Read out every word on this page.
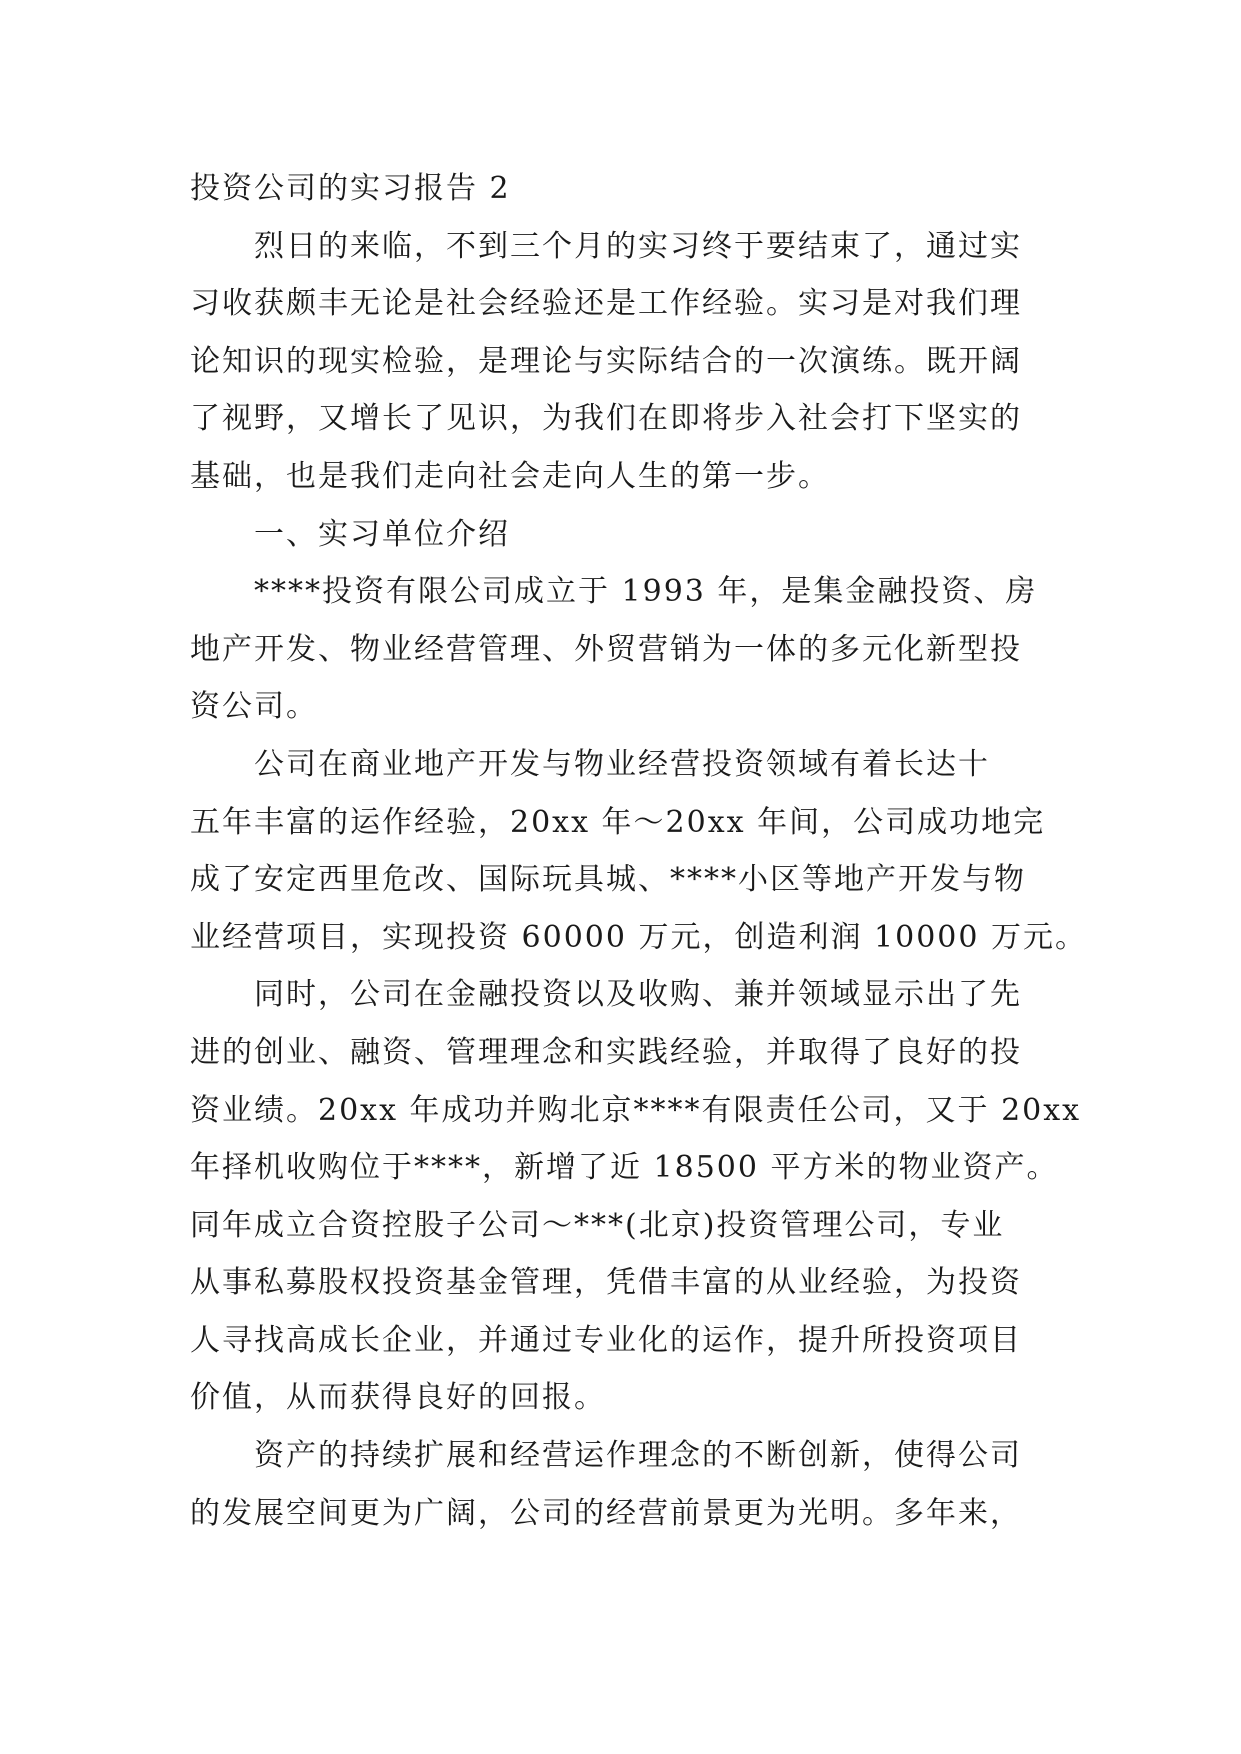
投资公司的实习报告 2
烈日的来临，不到三个月的实习终于要结束了，通过实
习收获颇丰无论是社会经验还是工作经验。实习是对我们理
论知识的现实检验，是理论与实际结合的一次演练。既开阔
了视野，又增长了见识，为我们在即将步入社会打下坚实的
基础，也是我们走向社会走向人生的第一步。
一、实习单位介绍
****投资有限公司成立于 1993 年，是集金融投资、房
地产开发、物业经营管理、外贸营销为一体的多元化新型投
资公司。
公司在商业地产开发与物业经营投资领域有着长达十
五年丰富的运作经验，20xx 年～20xx 年间，公司成功地完
成了安定西里危改、国际玩具城、****小区等地产开发与物
业经营项目，实现投资 60000 万元，创造利润 10000 万元。
同时，公司在金融投资以及收购、兼并领域显示出了先
进的创业、融资、管理理念和实践经验，并取得了良好的投
资业绩。20xx 年成功并购北京****有限责任公司，又于 20xx
年择机收购位于****，新增了近 18500 平方米的物业资产。
同年成立合资控股子公司～***(北京)投资管理公司，专业
从事私募股权投资基金管理，凭借丰富的从业经验，为投资
人寻找高成长企业，并通过专业化的运作，提升所投资项目
价值，从而获得良好的回报。
资产的持续扩展和经营运作理念的不断创新，使得公司
的发展空间更为广阔，公司的经营前景更为光明。多年来，
